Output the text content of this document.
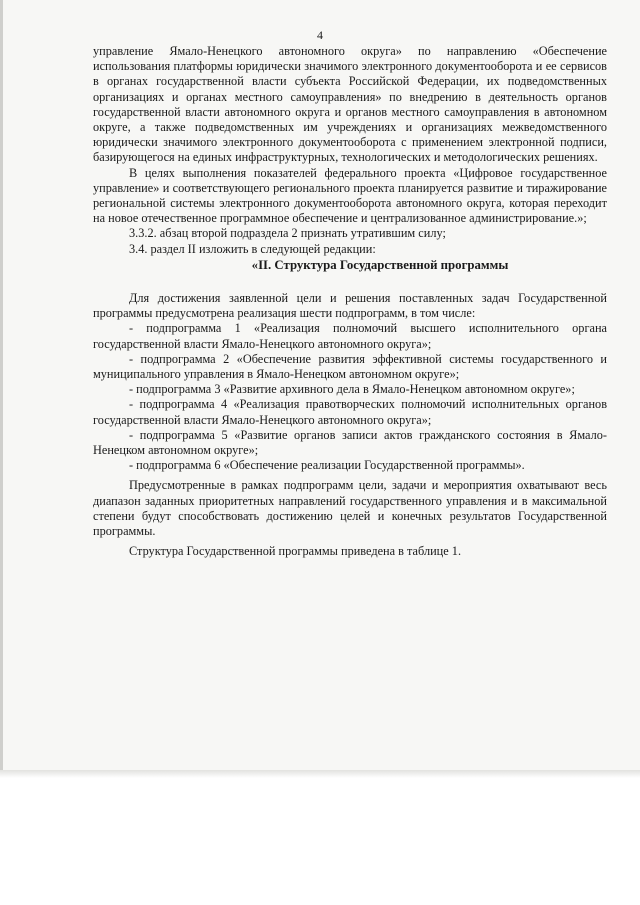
4

управление Ямало-Ненецкого автономного округа» по направлению «Обеспечение использования платформы юридически значимого электронного документооборота и ее сервисов в органах государственной власти субъекта Российской Федерации, их подведомственных организациях и органах местного самоуправления» по внедрению в деятельность органов государственной власти автономного округа и органов местного самоуправления в автономном округе, а также подведомственных им учреждениях и организациях межведомственного юридически значимого электронного документооборота с применением электронной подписи, базирующегося на единых инфраструктурных, технологических и методологических решениях.

В целях выполнения показателей федерального проекта «Цифровое государственное управление» и соответствующего регионального проекта планируется развитие и тиражирование региональной системы электронного документооборота автономного округа, которая переходит на новое отечественное программное обеспечение и централизованное администрирование.»;

3.3.2. абзац второй подраздела 2 признать утратившим силу;

3.4. раздел II изложить в следующей редакции:

«II. Структура Государственной программы

Для достижения заявленной цели и решения поставленных задач Государственной программы предусмотрена реализация шести подпрограмм, в том числе:

- подпрограмма 1 «Реализация полномочий высшего исполнительного органа государственной власти Ямало-Ненецкого автономного округа»;

- подпрограмма 2 «Обеспечение развития эффективной системы государственного и муниципального управления в Ямало-Ненецком автономном округе»;

- подпрограмма 3 «Развитие архивного дела в Ямало-Ненецком автономном округе»;

- подпрограмма 4 «Реализация правотворческих полномочий исполнительных органов государственной власти Ямало-Ненецкого автономного округа»;

- подпрограмма 5 «Развитие органов записи актов гражданского состояния в Ямало-Ненецком автономном округе»;

- подпрограмма 6 «Обеспечение реализации Государственной программы».

Предусмотренные в рамках подпрограмм цели, задачи и мероприятия охватывают весь диапазон заданных приоритетных направлений государственного управления и в максимальной степени будут способствовать достижению целей и конечных результатов Государственной программы.

Структура Государственной программы приведена в таблице 1.
